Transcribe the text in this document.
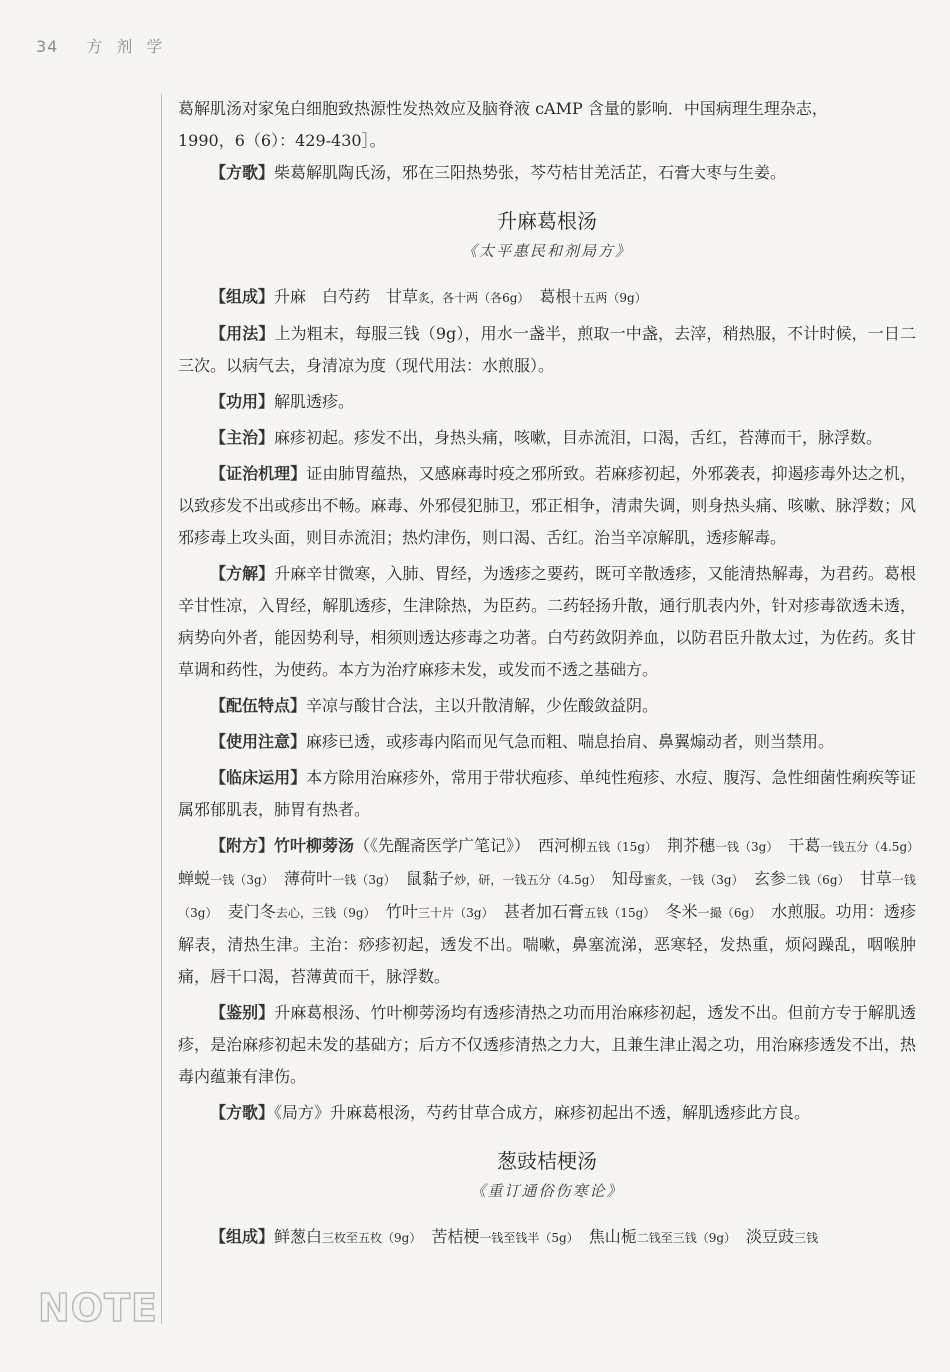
34 方剂学
NOTE

葛解肌汤对家兔白细胞致热源性发热效应及脑脊液 cAMP 含量的影响．中国病理生理杂志，

1990，6（6）：429-430］。

【方歌】柴葛解肌陶氏汤，邪在三阳热势张，芩芍桔甘羌活芷，石膏大枣与生姜。

升麻葛根汤
《太平惠民和剂局方》

【组成】升麻　白芍药　甘草炙，各十两（各6g）　葛根十五两（9g）

【用法】上为粗末，每服三钱（9g），用水一盏半，煎取一中盏，去滓，稍热服，不计时候，一日二三次。以病气去，身清凉为度（现代用法：水煎服）。

【功用】解肌透疹。

【主治】麻疹初起。疹发不出，身热头痛，咳嗽，目赤流泪，口渴，舌红，苔薄而干，脉浮数。

【证治机理】证由肺胃蕴热，又感麻毒时疫之邪所致。若麻疹初起，外邪袭表，抑遏疹毒外达之机，以致疹发不出或疹出不畅。麻毒、外邪侵犯肺卫，邪正相争，清肃失调，则身热头痛、咳嗽、脉浮数；风邪疹毒上攻头面，则目赤流泪；热灼津伤，则口渴、舌红。治当辛凉解肌，透疹解毒。

【方解】升麻辛甘微寒，入肺、胃经，为透疹之要药，既可辛散透疹，又能清热解毒，为君药。葛根辛甘性凉，入胃经，解肌透疹，生津除热，为臣药。二药轻扬升散，通行肌表内外，针对疹毒欲透未透，病势向外者，能因势利导，相须则透达疹毒之功著。白芍药敛阴养血，以防君臣升散太过，为佐药。炙甘草调和药性，为使药。本方为治疗麻疹未发，或发而不透之基础方。

【配伍特点】辛凉与酸甘合法，主以升散清解，少佐酸敛益阴。

【使用注意】麻疹已透，或疹毒内陷而见气急而粗、喘息抬肩、鼻翼煽动者，则当禁用。

【临床运用】本方除用治麻疹外，常用于带状疱疹、单纯性疱疹、水痘、腹泻、急性细菌性痢疾等证属邪郁肌表，肺胃有热者。

【附方】竹叶柳蒡汤（《先醒斋医学广笔记》）　西河柳五钱（15g）　荆芥穗一钱（3g）　干葛一钱五分（4.5g）　蝉蜕一钱（3g）　薄荷叶一钱（3g）　鼠黏子炒，研，一钱五分（4.5g）　知母蜜炙，一钱（3g）　玄参二钱（6g）　甘草一钱（3g）　麦门冬去心，三钱（9g）　竹叶三十片（3g）　甚者加石膏五钱（15g）　冬米一撮（6g）　水煎服。功用：透疹解表，清热生津。主治：痧疹初起，透发不出。喘嗽，鼻塞流涕，恶寒轻，发热重，烦闷躁乱，咽喉肿痛，唇干口渴，苔薄黄而干，脉浮数。

【鉴别】升麻葛根汤、竹叶柳蒡汤均有透疹清热之功而用治麻疹初起，透发不出。但前方专于解肌透疹，是治麻疹初起未发的基础方；后方不仅透疹清热之力大，且兼生津止渴之功，用治麻疹透发不出，热毒内蕴兼有津伤。

【方歌】《局方》升麻葛根汤，芍药甘草合成方，麻疹初起出不透，解肌透疹此方良。

葱豉桔梗汤
《重订通俗伤寒论》

【组成】鲜葱白三枚至五枚（9g）　苦桔梗一钱至钱半（5g）　焦山栀二钱至三钱（9g）　淡豆豉三钱
